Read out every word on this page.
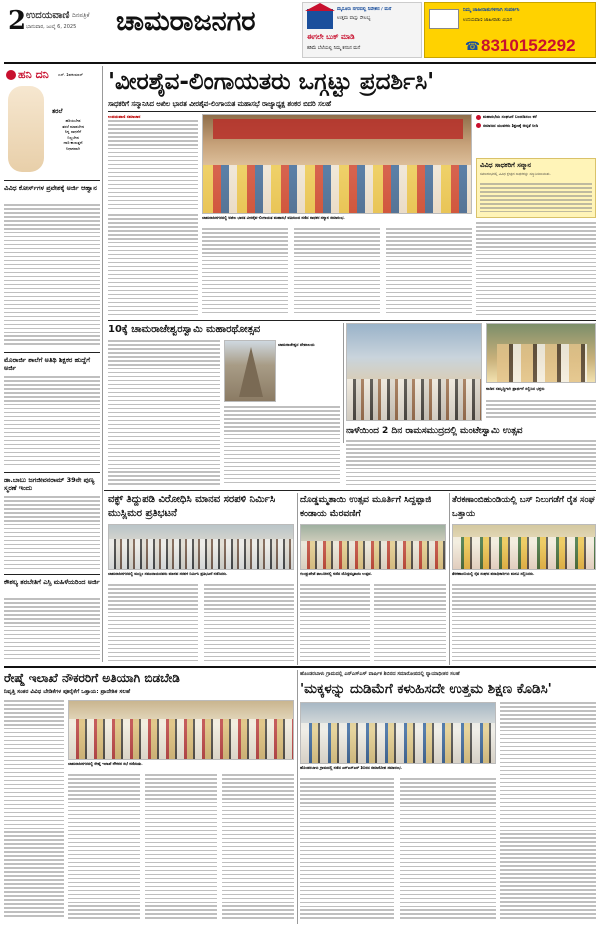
2 ಉದಯವಾಣಿ ದಿನಪತ್ರಿಕೆ
ಭಾನುವಾರ, ಜುಲೈ 6, 2025 ಚಾಮರಾಜನಗರ	ಮೈಸೂರು ನಗರದಲ್ಲಿ ನಿವೇಶನ / ಮನೆ
ಉತ್ತಮ ವಾಸ್ತು ಸೌಲಭ್ಯ
ಈಗಲೇ ಬುಕ್ ಮಾಡಿ
ಕಡಿಮೆ ಬೆಲೆಯಲ್ಲಿ ನಿಮ್ಮ ಕನಸಿನ ಮನೆ
ನಿಮ್ಮ ಜಾಹೀರಾತುಗಳಿಗಾಗಿ ಸಂಪರ್ಕಿಸಿ
ಉದಯವಾಣಿ ಜಾಹೀರಾತು ವಿಭಾಗ
☎ 8310152292
ಹನಿ ದನಿ ಎಸ್. ಶಿವಕುಮಾರ್
ತರಲೆ
ಹರಿಯಬೇಡ
ತರಲೆ ಮಾಡಬೇಡ
ನಿನ್ನ ಸಾಧನೆಗೆ
ನಿಲ್ಲಬೇಡ
ದಾರಿ ಕಾಣುತ್ತದೆ
ನಿಧಾನವಾಗಿ
ವಿವಿಧ ಕೋರ್ಸ್‌ಗಳ ಪ್ರವೇಶಕ್ಕೆ ಅರ್ಜಿ ಆಹ್ವಾನ
ಮೊರಾರ್ಜಿ ಶಾಲೆಗೆ ಅತಿಥಿ ಶಿಕ್ಷಕರ ಹುದ್ದೆಗೆ ಅರ್ಜಿ
ಡಾ.ಬಾಬು ಜಗಜೀವನರಾಮ್ 39ನೇ ಪುಣ್ಯ ಸ್ಮರಣೆ ಇಂದು
ಕೌಶಲ್ಯ ತರಬೇತಿಗೆ ಎಸ್ಸಿ ಮಹಿಳೆಯರಿಂದ ಅರ್ಜಿ
'ವೀರಶೈವ-ಲಿಂಗಾಯತರು ಒಗ್ಗಟ್ಟು ಪ್ರದರ್ಶಿಸಿ'
ಸಾಧಕರಿಗೆ ಸನ್ಮಾನಿಸಿದ ಅಖಿಲ ಭಾರತ ವೀರಶೈವ-ಲಿಂಗಾಯತ ಮಹಾಸಭೆ ರಾಜ್ಯಾಧ್ಯಕ್ಷ ಶಂಕರ ಬಿದರಿ ಸಲಹೆ
ಉದಯವಾಣಿ ಸಮಾಚಾರ	ಮಹಾಸಭೆಯ ಸಂಘಟನೆ ಬಲಪಡಿಸಲು ಕರೆ
ಸಮಾಜದ ಯುವಕರು ಶಿಕ್ಷಣಕ್ಕೆ ಆದ್ಯತೆ ನೀಡಿ
ವಿವಿಧ ಸಾಧಕರಿಗೆ ಸನ್ಮಾನ
ಸಮಾರಂಭದಲ್ಲಿ ವಿವಿಧ ಕ್ಷೇತ್ರದ ಸಾಧಕರನ್ನು ಸನ್ಮಾನಿಸಲಾಯಿತು.
ಚಾಮರಾಜನಗರದಲ್ಲಿ ಅಖಿಲ ಭಾರತ ವೀರಶೈವ-ಲಿಂಗಾಯತ ಮಹಾಸಭೆ ವತಿಯಿಂದ ನಡೆದ ಸಾಧಕರ ಸನ್ಮಾನ ಸಮಾರಂಭ.
10ಕ್ಕೆ ಚಾಮರಾಜೇಶ್ವರಸ್ವಾಮಿ ಮಹಾರಥೋತ್ಸವ
ಚಾಮರಾಜೇಶ್ವರ ದೇವಾಲಯ
ನಾಡಿನ ಸಮೃದ್ಧಿಗಾಗಿ ಪ್ರಾರ್ಥನೆ ಸಲ್ಲಿಸಿದ ಭಕ್ತರು
ನಾಳೆಯಿಂದ 2 ದಿನ ರಾಮಸಮುದ್ರದಲ್ಲಿ ಮಂಟೇಸ್ವಾಮಿ ಉತ್ಸವ
ವಕ್ಫ್ ತಿದ್ದುಪಡಿ ವಿರೋಧಿಸಿ ಮಾನವ ಸರಪಳಿ ನಿರ್ಮಿಸಿ ಮುಸ್ಲಿಮರ ಪ್ರತಿಭಟನೆ
ಚಾಮರಾಜನಗರದಲ್ಲಿ ಮುಸ್ಲಿಂ ಸಮುದಾಯದವರು ಮಾನವ ಸರಪಳಿ ನಿರ್ಮಿಸಿ ಪ್ರತಿಭಟನೆ ನಡೆಸಿದರು.
ದೊಡ್ಡಮ್ಮತಾಯಿ ಉತ್ಸವ ಮೂರ್ತಿಗೆ ಸಿದ್ದಪ್ಪಾಜಿ ಕಂಡಾಯ ಮೆರವಣಿಗೆ
ಗುಂಡ್ಲುಪೇಟೆ ತಾಲೂಕಿನಲ್ಲಿ ನಡೆದ ದೊಡ್ಡಮ್ಮತಾಯಿ ಉತ್ಸವ.
ತೆರಕಣಾಂಬಿಹುಂಡಿಯಲ್ಲಿ ಬಸ್ ನಿಲುಗಡೆಗೆ ರೈತ ಸಂಘ ಒತ್ತಾಯ
ತೆರಕಣಾಂಬಿಯಲ್ಲಿ ರೈತ ಸಂಘದ ಪದಾಧಿಕಾರಿಗಳು ಮನವಿ ಸಲ್ಲಿಸಿದರು.
ರೇಷ್ಮೆ ಇಲಾಖೆ ನೌಕರರಿಗೆ ಅತಿಯಾಗಿ ಬಿಡಬೇಡಿ
ನಿವೃತ್ತಿ ಸಂತರ ವಿವಿಧ ಬೇಡಿಕೆಗಳ ಪೂರೈಕೆಗೆ ಒತ್ತಾಯ: ಪ್ರಾದೇಶಿಕ ಸಲಹೆ
ಚಾಮರಾಜನಗರದಲ್ಲಿ ರೇಷ್ಮೆ ಇಲಾಖೆ ನೌಕರರ ಸಭೆ ನಡೆಯಿತು.
ಹೊಂಡರಬಾಳು ಗ್ರಾಮದಲ್ಲಿ ಎನ್‌ಎಸ್‌ಎಸ್ ವಾರ್ಷಿಕ ಶಿಬಿರದ ಸಮಾರೋಪದಲ್ಲಿ ನ್ಯಾಯಾಧೀಶರ ಸಲಹೆ
'ಮಕ್ಕಳನ್ನು ದುಡಿಮೆಗೆ ಕಳುಹಿಸದೇ ಉತ್ತಮ ಶಿಕ್ಷಣ ಕೊಡಿಸಿ'
ಹೊಂಡರಬಾಳು ಗ್ರಾಮದಲ್ಲಿ ನಡೆದ ಎನ್‌ಎಸ್‌ಎಸ್ ಶಿಬಿರದ ಸಮಾರೋಪ ಸಮಾರಂಭ.
